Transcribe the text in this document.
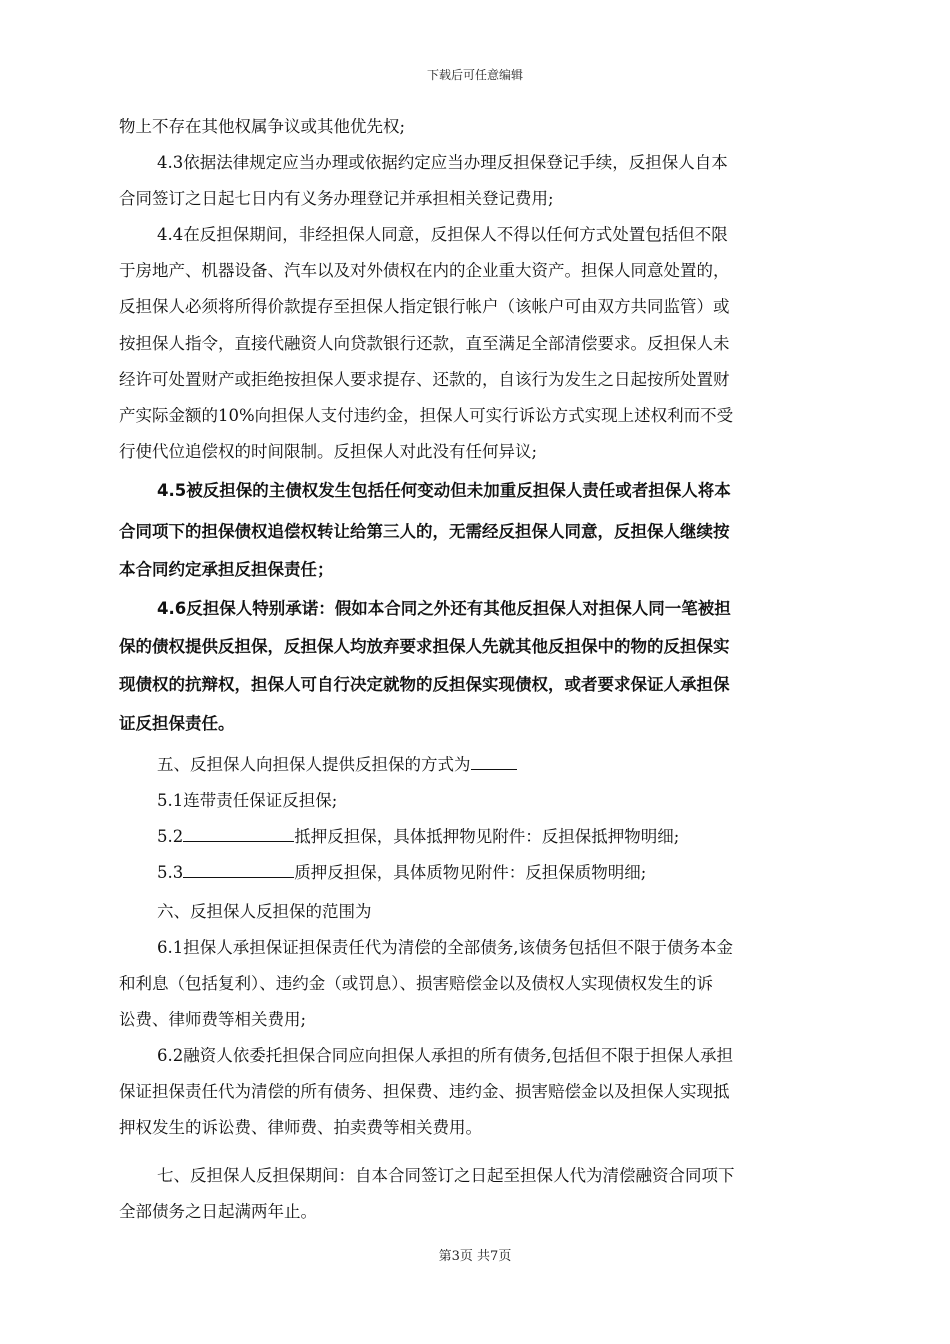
下载后可任意编辑
物上不存在其他权属争议或其他优先权;
4.3依据法律规定应当办理或依据约定应当办理反担保登记手续，反担保人自本
合同签订之日起七日内有义务办理登记并承担相关登记费用;
4.4在反担保期间，非经担保人同意，反担保人不得以任何方式处置包括但不限
于房地产、机器设备、汽车以及对外债权在内的企业重大资产。担保人同意处置的，
反担保人必须将所得价款提存至担保人指定银行帐户（该帐户可由双方共同监管）或
按担保人指令，直接代融资人向贷款银行还款，直至满足全部清偿要求。反担保人未
经许可处置财产或拒绝按担保人要求提存、还款的，自该行为发生之日起按所处置财
产实际金额的10%向担保人支付违约金，担保人可实行诉讼方式实现上述权利而不受
行使代位追偿权的时间限制。反担保人对此没有任何异议;
4.5被反担保的主债权发生包括任何变动但未加重反担保人责任或者担保人将本
合同项下的担保债权追偿权转让给第三人的，无需经反担保人同意，反担保人继续按
本合同约定承担反担保责任；
4.6反担保人特别承诺：假如本合同之外还有其他反担保人对担保人同一笔被担
保的债权提供反担保，反担保人均放弃要求担保人先就其他反担保中的物的反担保实
现债权的抗辩权，担保人可自行决定就物的反担保实现债权，或者要求保证人承担保
证反担保责任。
五、反担保人向担保人提供反担保的方式为
5.1连带责任保证反担保;
5.2	抵押反担保，具体抵押物见附件：反担保抵押物明细;
5.3	质押反担保，具体质物见附件：反担保质物明细;
六、反担保人反担保的范围为
6.1担保人承担保证担保责任代为清偿的全部债务,该债务包括但不限于债务本金
和利息（包括复利）、违约金（或罚息）、损害赔偿金以及债权人实现债权发生的诉
讼费、律师费等相关费用;
6.2融资人依委托担保合同应向担保人承担的所有债务,包括但不限于担保人承担
保证担保责任代为清偿的所有债务、担保费、违约金、损害赔偿金以及担保人实现抵
押权发生的诉讼费、律师费、拍卖费等相关费用。
七、反担保人反担保期间：自本合同签订之日起至担保人代为清偿融资合同项下
全部债务之日起满两年止。
第3页 共7页
